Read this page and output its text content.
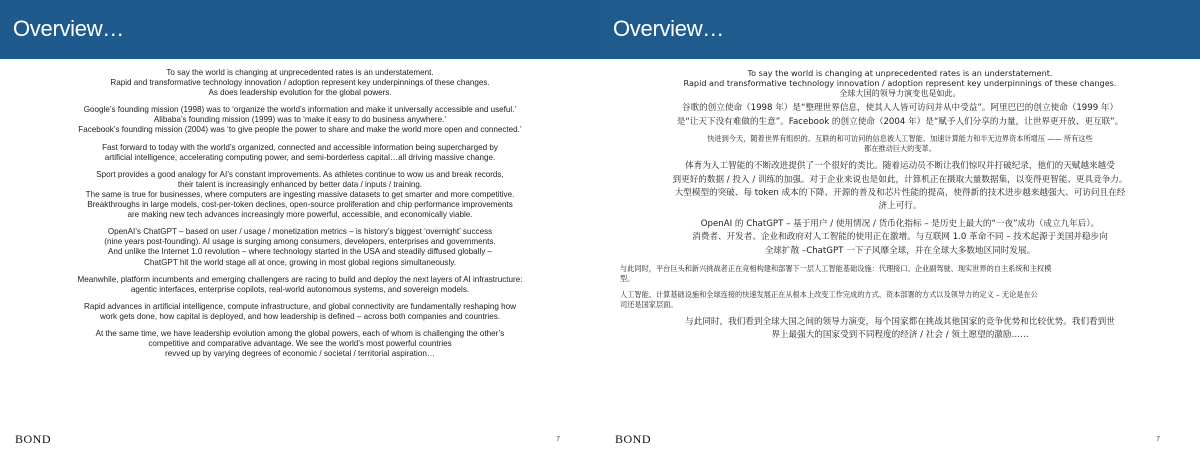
Overview…
To say the world is changing at unprecedented rates is an understatement.
Rapid and transformative technology innovation / adoption represent key underpinnings of these changes.
As does leadership evolution for the global powers.
Google’s founding mission (1998) was to ‘organize the world’s information and make it universally accessible and useful.’
Alibaba’s founding mission (1999) was to ‘make it easy to do business anywhere.’
Facebook’s founding mission (2004) was ‘to give people the power to share and make the world more open and connected.’
Fast forward to today with the world’s organized, connected and accessible information being supercharged by
artificial intelligence, accelerating computing power, and semi-borderless capital…all driving massive change.
Sport provides a good analogy for AI’s constant improvements. As athletes continue to wow us and break records,
their talent is increasingly enhanced by better data / inputs / training.
The same is true for businesses, where computers are ingesting massive datasets to get smarter and more competitive.
Breakthroughs in large models, cost-per-token declines, open-source proliferation and chip performance improvements
are making new tech advances increasingly more powerful, accessible, and economically viable.
OpenAI’s ChatGPT – based on user / usage / monetization metrics – is history’s biggest ‘overnight’ success
(nine years post-founding). AI usage is surging among consumers, developers, enterprises and governments.
And unlike the Internet 1.0 revolution – where technology started in the USA and steadily diffused globally –
ChatGPT hit the world stage all at once, growing in most global regions simultaneously.
Meanwhile, platform incumbents and emerging challengers are racing to build and deploy the next layers of AI infrastructure:
agentic interfaces, enterprise copilots, real-world autonomous systems, and sovereign models.
Rapid advances in artificial intelligence, compute infrastructure, and global connectivity are fundamentally reshaping how
work gets done, how capital is deployed, and how leadership is defined – across both companies and countries.
At the same time, we have leadership evolution among the global powers, each of whom is challenging the other’s
competitive and comparative advantage. We see the world’s most powerful countries
revved up by varying degrees of economic / societal / territorial aspiration…
BOND	7
Overview…
To say the world is changing at unprecedented rates is an understatement.
Rapid and transformative technology innovation / adoption represent key underpinnings of these changes.
全球大国的领导力演变也是如此。
谷歌的创立使命（1998 年）是“整理世界信息，使其人人皆可访问并从中受益”。阿里巴巴的创立使命（1999 年）
是“让天下没有难做的生意”。Facebook 的创立使命（2004 年）是“赋予人们分享的力量，让世界更开放、更互联”。
快进到今天，随着世界有组织的、互联的和可访问的信息被人工智能、加速计算能力和半无边界资本所增压 —— 所有这些
都在推动巨大的变革。
体育为人工智能的不断改进提供了一个很好的类比。随着运动员不断让我们惊叹并打破纪录，他们的天赋越来越受
到更好的数据 / 投入 / 训练的加强。对于企业来说也是如此，计算机正在摄取大量数据集，以变得更智能、更具竞争力。
大型模型的突破、每 token 成本的下降、开源的普及和芯片性能的提高，使得新的技术进步越来越强大、可访问且在经
济上可行。
OpenAI 的 ChatGPT – 基于用户 / 使用情况 / 货币化指标 – 是历史上最大的“一夜”成功（成立九年后）。
消费者、开发者、企业和政府对人工智能的使用正在激增。与互联网 1.0 革命不同 – 技术起源于美国并稳步向
全球扩散 –ChatGPT 一下子风靡全球，并在全球大多数地区同时发展。
与此同时，平台巨头和新兴挑战者正在竞相构建和部署下一层人工智能基础设施：代理接口、企业副驾驶、现实世界的自主系统和主权模
型。
人工智能、计算基础设施和全球连接的快速发展正在从根本上改变工作完成的方式、资本部署的方式以及领导力的定义 – 无论是在公
司还是国家层面。
与此同时，我们看到全球大国之间的领导力演变，每个国家都在挑战其他国家的竞争优势和比较优势。我们看到世
界上最强大的国家受到不同程度的经济 / 社会 / 领土愿望的激励……
BOND	7
